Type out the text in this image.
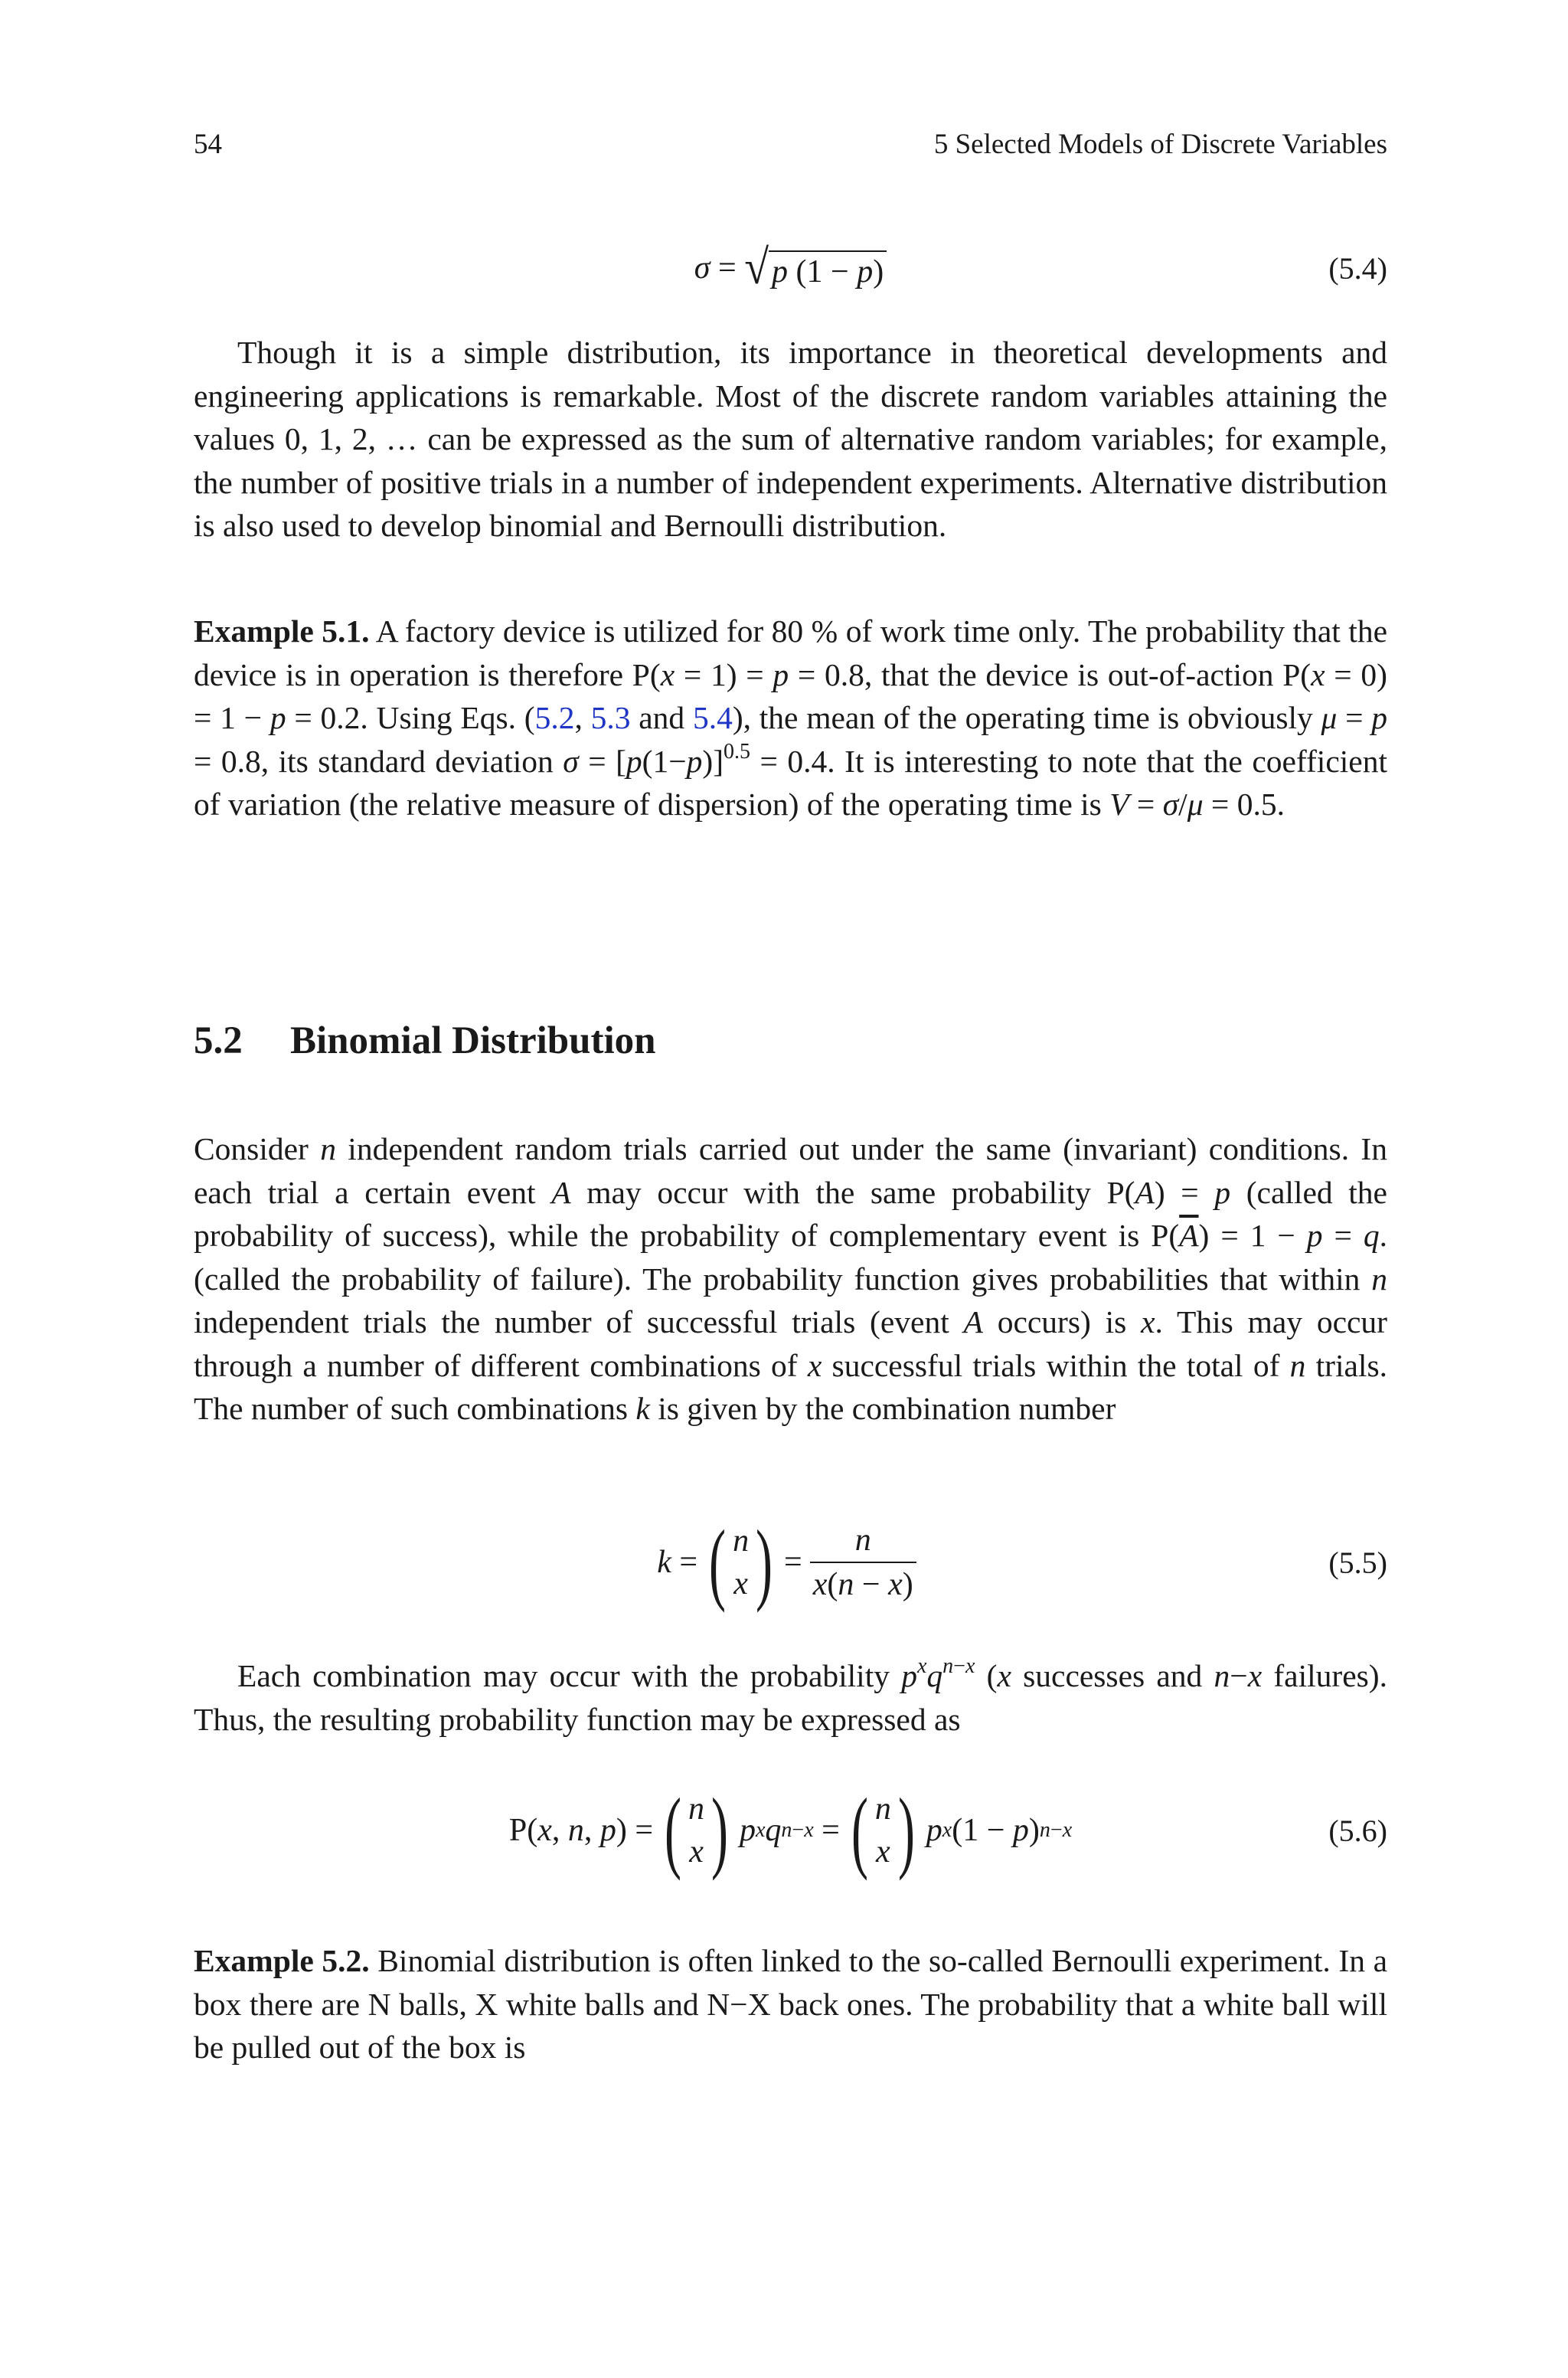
54	5 Selected Models of Discrete Variables
σ = √ p (1 − p)	(5.4)

Though it is a simple distribution, its importance in theoretical developments and engineering applications is remarkable. Most of the discrete random variables attaining the values 0, 1, 2, … can be expressed as the sum of alternative random variables; for example, the number of positive trials in a number of independent experiments. Alternative distribution is also used to develop binomial and Bernoulli distribution.

Example 5.1. A factory device is utilized for 80 % of work time only. The probability that the device is in operation is therefore P(x = 1) = p = 0.8, that the device is out-of-action P(x = 0) = 1 − p = 0.2. Using Eqs. (5.2, 5.3 and 5.4), the mean of the operating time is obviously μ = p = 0.8, its standard deviation $\sigma = [p(1-p)]^{0.5} = 0.4$. It is interesting to note that the coefficient of variation (the relative measure of dispersion) of the operating time is V = σ/μ = 0.5.

5.2 Binomial Distribution

Consider n independent random trials carried out under the same (invariant) conditions. In each trial a certain event A may occur with the same probability P(A) = p (called the probability of success), while the probability of complementary event is $P(\overline{A}) = 1 - p = q$. (called the probability of failure). The probability function gives probabilities that within n independent trials the number of successful trials (event A occurs) is x. This may occur through a number of different combinations of x successful trials within the total of n trials. The number of such combinations k is given by the combination number

k = ( n
x ) = $\frac{n}{x(n - x)}$	(5.5)

Each combination may occur with the probability $p^xq^{n-x}$ (x successes and n−x failures). Thus, the resulting probability function may be expressed as

P( x , n , p ) = ( n
x ) p x q n−x = ( n
x ) p x (1 − p ) n−x	(5.6)

Example 5.2. Binomial distribution is often linked to the so-called Bernoulli experiment. In a box there are N balls, X white balls and N−X back ones. The probability that a white ball will be pulled out of the box is
